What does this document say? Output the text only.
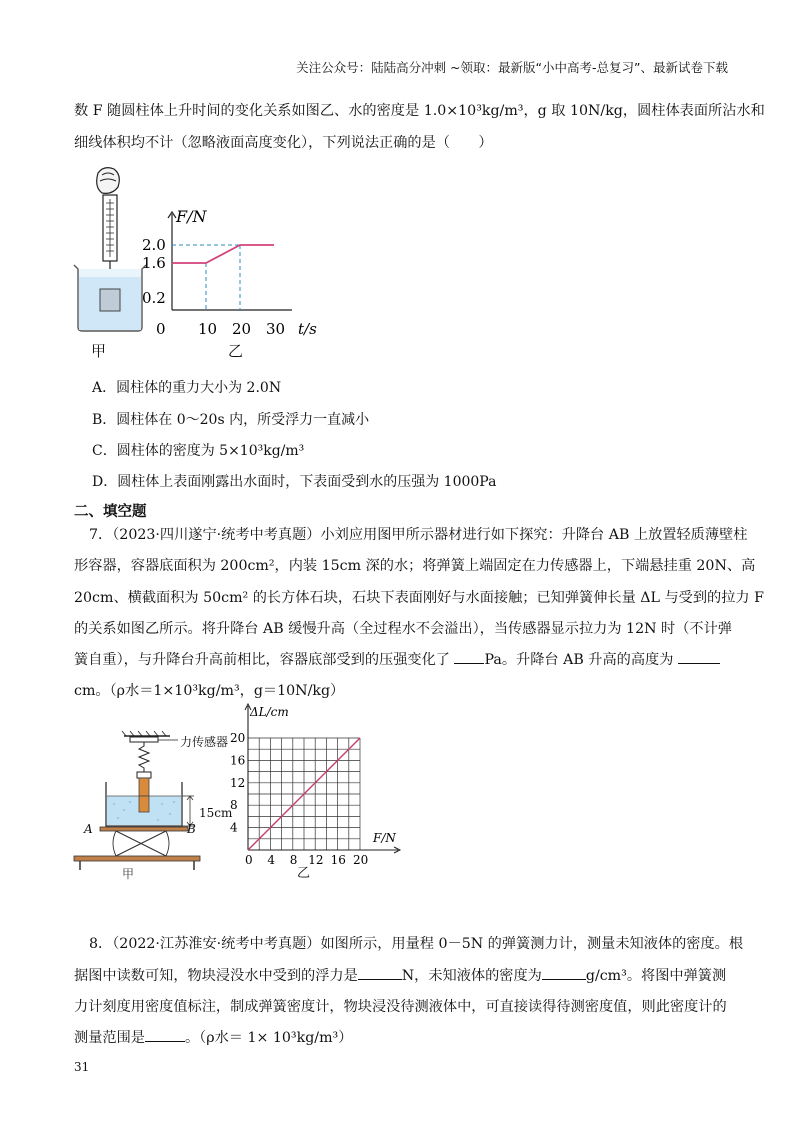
关注公众号：陆陆高分冲刺 ~领取：最新版“小中高考-总复习”、最新试卷下载
数 F 随圆柱体上升时间的变化关系如图乙、水的密度是 1.0×10³kg/m³，g 取 10N/kg，圆柱体表面所沾水和
细线体积均不计（忽略液面高度变化），下列说法正确的是（　　）
甲
F/N
t/s
0.2
1.6
2.0
0 10 20 30
乙
A．圆柱体的重力大小为 2.0N
B．圆柱体在 0～20s 内，所受浮力一直减小
C．圆柱体的密度为 5×10³kg/m³
D．圆柱体上表面刚露出水面时，下表面受到水的压强为 1000Pa
二、填空题
7．（2023·四川遂宁·统考中考真题）小刘应用图甲所示器材进行如下探究：升降台 AB 上放置轻质薄壁柱
形容器，容器底面积为 200cm²，内装 15cm 深的水；将弹簧上端固定在力传感器上，下端悬挂重 20N、高
20cm、横截面积为 50cm² 的长方体石块，石块下表面刚好与水面接触；已知弹簧伸长量 ΔL 与受到的拉力 F
的关系如图乙所示。将升降台 AB 缓慢升高（全过程水不会溢出），当传感器显示拉力为 12N 时（不计弹
簧自重），与升降台升高前相比，容器底部受到的压强变化了 Pa。升降台 AB 升高的高度为
cm。（ρ水＝1×10³kg/m³，g＝10N/kg）
力传感器
15cm
A	B
甲
ΔL/cm
F/N
4
8
12
16
20
0 4 8 12 16 20
乙
8．（2022·江苏淮安·统考中考真题）如图所示，用量程 0－5N 的弹簧测力计，测量未知液体的密度。根
据图中读数可知，物块浸没水中受到的浮力是	N，未知液体的密度为	g/cm³。将图中弹簧测
力计刻度用密度值标注，制成弹簧密度计，物块浸没待测液体中，可直接读得待测密度值，则此密度计的
测量范围是	。（ρ水＝ 1× 10³kg/m³）
31
